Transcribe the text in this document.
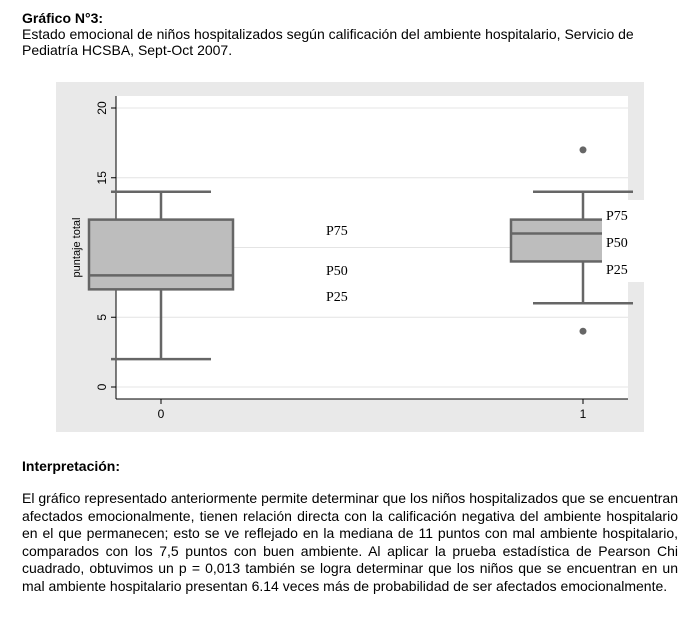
Gráfico N°3:
Estado emocional de niños hospitalizados según calificación del ambiente hospitalario, Servicio de Pediatría HCSBA, Sept-Oct 2007.
0
5
15
20
puntaje total
0	1
P75
P50
P25
P75
P50
P25
Interpretación:
El gráfico representado anteriormente permite determinar que los niños hospitalizados que se encuentran afectados emocionalmente, tienen relación directa con la calificación negativa del ambiente hospitalario en el que permanecen; esto se ve reflejado en la mediana de 11 puntos con mal ambiente hospitalario, comparados con los 7,5 puntos con buen ambiente. Al aplicar la prueba estadística de Pearson Chi cuadrado, obtuvimos un p = 0,013 también se logra determinar que los niños que se encuentran en un mal ambiente hospitalario presentan 6.14 veces más de probabilidad de ser afectados emocionalmente.
